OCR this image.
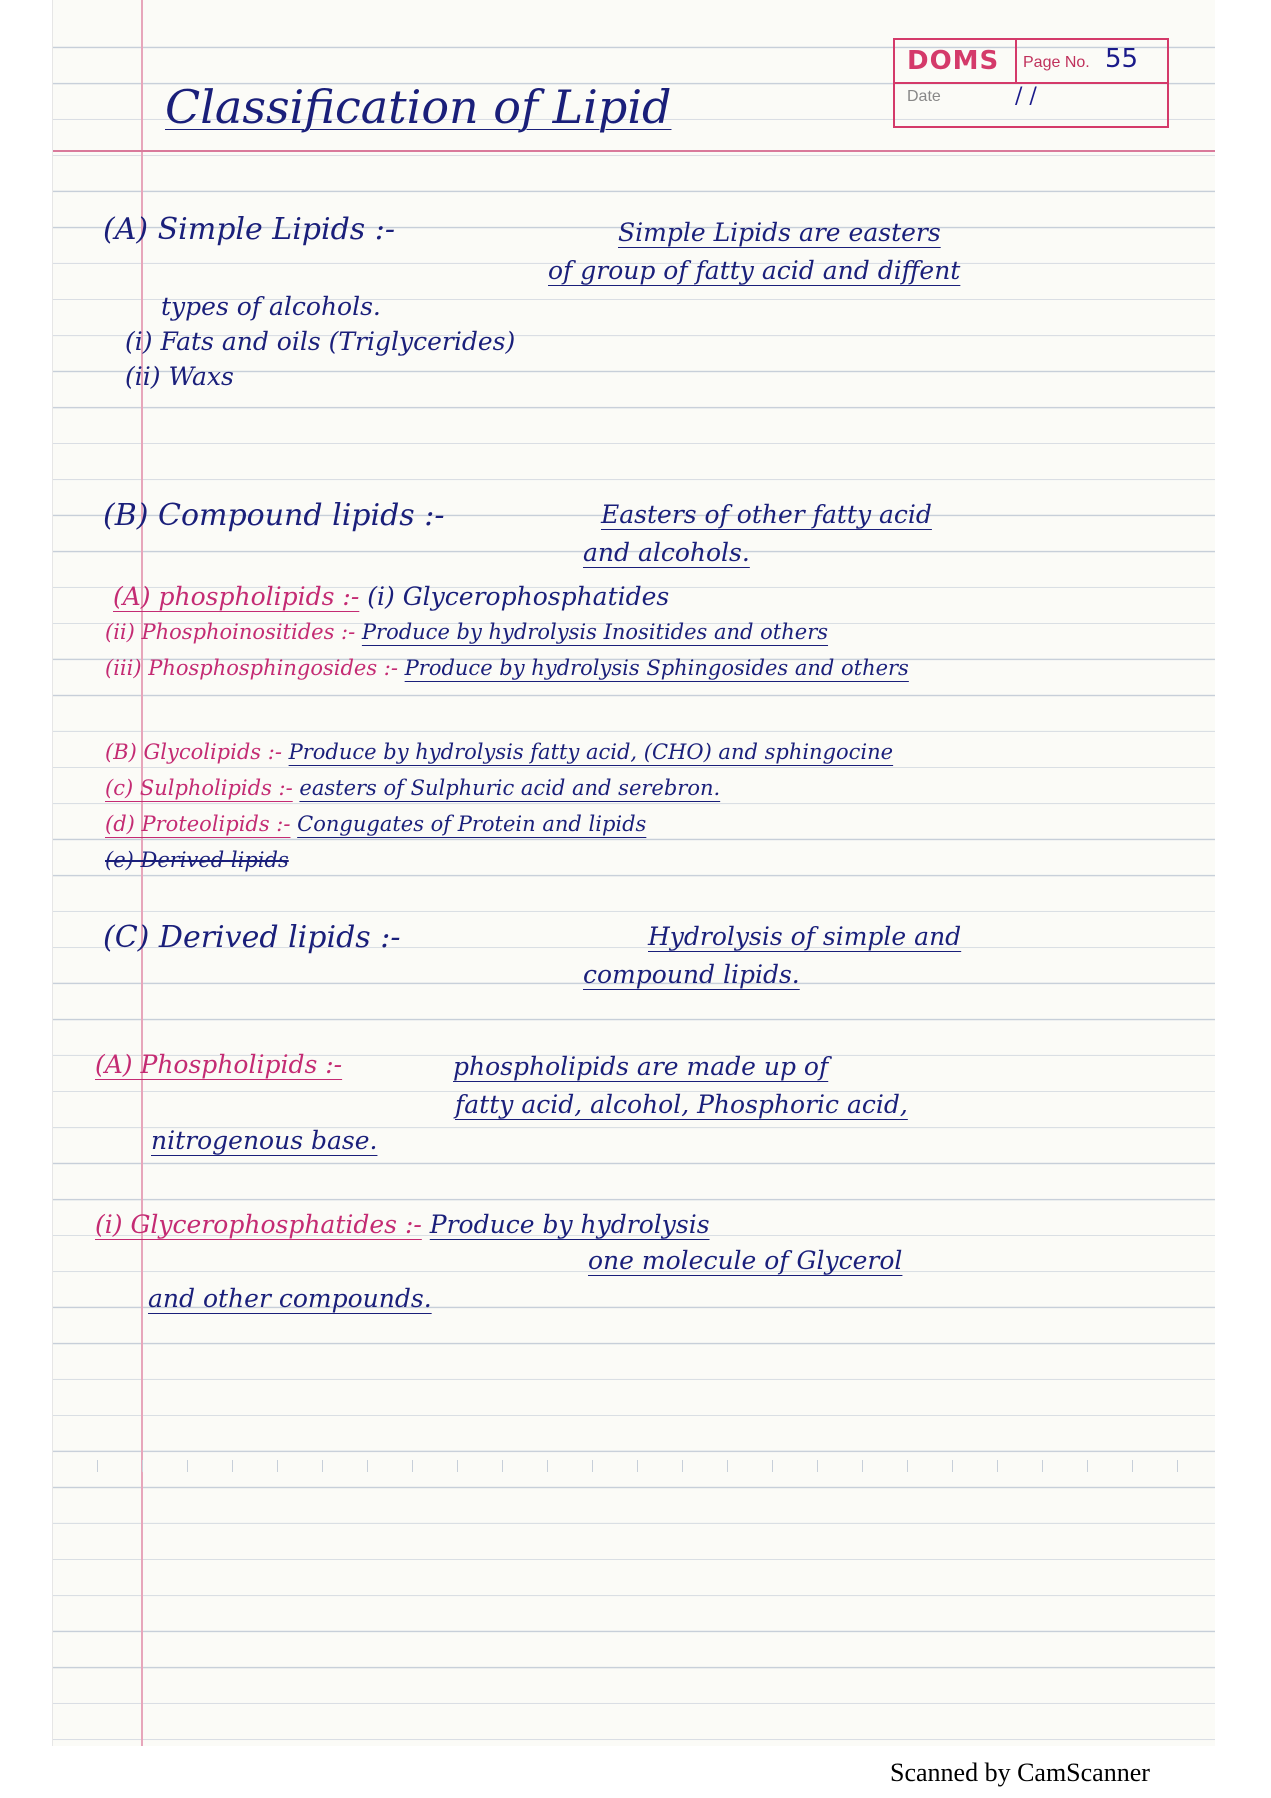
DOMS Page No. 55
Date	/ /
Classification of Lipid
(A) Simple Lipids :-	Simple Lipids are easters
of group of fatty acid and diffent
types of alcohols.
(i) Fats and oils (Triglycerides)
(ii) Waxs
(B) Compound lipids :-	Easters of other fatty acid
and alcohols.
(A) phospholipids :- (i) Glycerophosphatides
(ii) Phosphoinositides :- Produce by hydrolysis Inositides and others
(iii) Phosphosphingosides :- Produce by hydrolysis Sphingosides and others
(B) Glycolipids :- Produce by hydrolysis fatty acid, (CHO) and sphingocine
(c) Sulpholipids :- easters of Sulphuric acid and serebron.
(d) Proteolipids :- Congugates of Protein and lipids
(e) Derived lipids
(C) Derived lipids :-	Hydrolysis of simple and
compound lipids.
(A) Phospholipids :-	phospholipids are made up of
fatty acid, alcohol, Phosphoric acid,
nitrogenous base.
(i) Glycerophosphatides :- Produce by hydrolysis
one molecule of Glycerol
and other compounds.
Scanned by CamScanner
